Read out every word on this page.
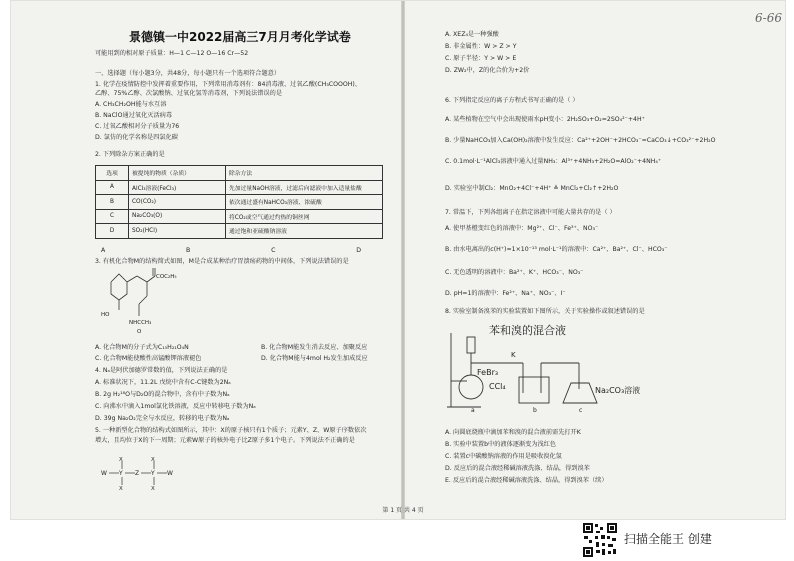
景德镇一中2022届高三7月月考化学试卷
可能用到的相对原子质量：H—1 C—12 O—16 Cr—52
一、选择题（每小题3分，共48分，每小题只有一个选项符合题意）
1. 化学在疫情防控中发挥着重要作用，下列常用消毒剂有：84消毒液、过氧乙酸(CH₃COOOH)、
乙醇、75%乙醇、次氯酸钠、过氧化氢等消毒剂，下列说法错误的是
A. CH₃CH₂OH能与水互溶
B. NaClO通过氧化灭活病毒
C. 过氧乙酸相对分子质量为76
D. 氯仿的化学名称是四氯化碳
2. 下列除杂方案正确的是
选项	被提纯的物质（杂质）	除杂方法
A	AlCl₃溶液(FeCl₃)	先加过量NaOH溶液，过滤后向滤液中加入适量盐酸
B	CO(CO₂)	依次通过盛有NaHCO₃溶液、浓硫酸
C	Na₂CO₃(O)	将CO₂或空气通过灼热的铜丝网
D	SO₂(HCl)	通过饱和亚硫酸钠溶液
A	B	C	D
3. 有机化合物M的结构简式如图，M是合成某种治疗胃溃疡药物的中间体，下列说法错误的是
COC₂H₅
HO
NHCCH₃
O
A. 化合物M的分子式为C₁₅H₂₁O₄N	B. 化合物M能发生消去反应、加聚反应
C. 化合物M能使酸性高锰酸钾溶液褪色	D. 化合物M能与4mol H₂发生加成反应
4. Nₐ是阿伏加德罗常数的值，下列说法正确的是
A. 标准状况下，11.2L 戊烷中含有C-C键数为2Nₐ
B. 2g H₂¹⁸O与D₂O的混合物中，含有中子数为Nₐ
C. 向沸水中滴入1mol氯化铁溶液，反应中转移电子数为Nₐ
D. 39g Na₂O₂完全与水反应，转移的电子数为Nₐ
5. 一种新型化合物的结构式如图所示，其中：X的原子核只有1个质子；元素Y、Z、W原子序数依次
增大，且均位于X的下一周期；元素W原子的核外电子比Z原子多1个电子。下列说法不正确的是
W Y Z Y W
X
X
X
X
6-66
A. XEZ₄是一种强酸
B. 非金属性：W > Z > Y
C. 原子半径：Y > W > E
D. ZW₂中，Z的化合价为+2价
6. 下列指定反应的离子方程式书写正确的是（ ）
A. 某些植物在空气中会出现使雨水pH变小：2H₂SO₃+O₂=2SO₄²⁻+4H⁺
B. 少量NaHCO₃加入Ca(OH)₂溶液中发生反应：Ca²⁺+2OH⁻+2HCO₃⁻=CaCO₃↓+CO₃²⁻+2H₂O
C. 0.1mol·L⁻¹AlCl₃溶液中通入过量NH₃：Al³⁺+4NH₃+2H₂O=AlO₂⁻+4NH₄⁺
D. 实验室中制Cl₂：MnO₂+4Cl⁻+4H⁺ ≜ MnCl₂+Cl₂↑+2H₂O
7. 常温下，下列各组离子在指定溶液中可能大量共存的是（ ）
A. 使甲基橙变红色的溶液中：Mg²⁺、Cl⁻、Fe³⁺、NO₃⁻
B. 由水电离出的c(H⁺)=1×10⁻¹³ mol·L⁻¹的溶液中：Ca²⁺、Ba²⁺、Cl⁻、HCO₃⁻
C. 无色透明的溶液中：Ba²⁺、K⁺、HCO₃⁻、NO₃⁻
D. pH=1的溶液中：Fe²⁺、Na⁺、NO₃⁻、I⁻
8. 实验室制备溴苯的实验装置如下图所示，关于实验操作或叙述错误的是
苯和溴的混合液
K
FeBr₃
CCl₄	Na₂CO₃溶液
a	b	c
A. 向圆底烧瓶中滴加苯和溴的混合液前需先打开K
B. 实验中装置b中的液体逐渐变为浅红色
C. 装置c中碳酸钠溶液的作用是吸收溴化氢
D. 反应后的混合液经稀碱溶液洗涤、结晶，得到溴苯
E. 反应后的混合液经稀碱溶液洗涤、结晶，得到溴苯（续）
第 1 页 共 4 页
扫描全能王 创建
